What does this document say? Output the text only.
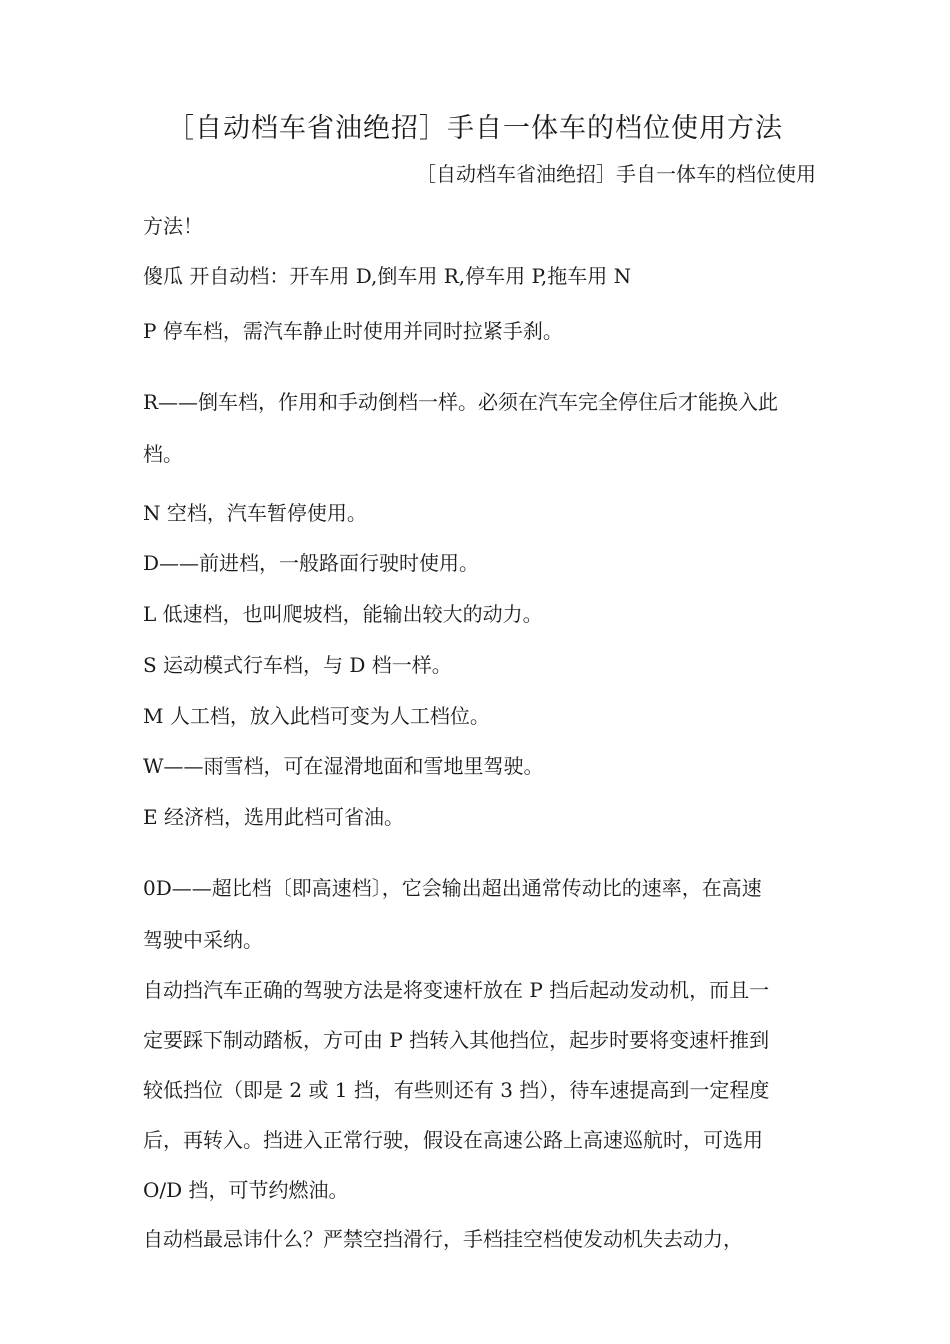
［自动档车省油绝招］手自一体车的档位使用方法
［自动档车省油绝招］手自一体车的档位使用
方法！
傻瓜 开自动档：开车用 D,倒车用 R,停车用 P,拖车用 N
P 停车档，需汽车静止时使用并同时拉紧手刹。
R——倒车档，作用和手动倒档一样。必须在汽车完全停住后才能换入此
档。
N 空档，汽车暂停使用。
D——前进档，一般路面行驶时使用。
L 低速档，也叫爬坡档，能输出较大的动力。
S 运动模式行车档，与 D 档一样。
M 人工档，放入此档可变为人工档位。
W——雨雪档，可在湿滑地面和雪地里驾驶。
E 经济档，选用此档可省油。
0D——超比档〔即高速档〕，它会输出超出通常传动比的速率，在高速
驾驶中采纳。
自动挡汽车正确的驾驶方法是将变速杆放在 P 挡后起动发动机，而且一
定要踩下制动踏板，方可由 P 挡转入其他挡位，起步时要将变速杆推到
较低挡位（即是 2 或 1 挡，有些则还有 3 挡），待车速提高到一定程度
后，再转入。挡进入正常行驶，假设在高速公路上高速巡航时，可选用
O/D 挡，可节约燃油。
自动档最忌讳什么？严禁空挡滑行，手档挂空档使发动机失去动力，
